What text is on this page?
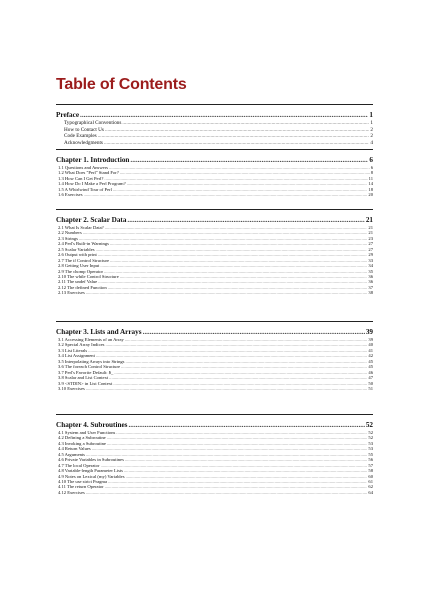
Table of Contents
Preface .....	1
Typographical Conventions .....	1
How to Contact Us .....	2
Code Examples .....	2
Acknowledgments .....	4
Chapter 1. Introduction .....	6
1.1 Questions and Answers .....	6
1.2 What Does "Perl" Stand For? .....	8
1.3 How Can I Get Perl? .....	11
1.4 How Do I Make a Perl Program? .....	14
1.5 A Whirlwind Tour of Perl .....	18
1.6 Exercises .....	20
Chapter 2. Scalar Data .....	21
2.1 What Is Scalar Data? .....	21
2.2 Numbers .....	21
2.3 Strings .....	23
2.4 Perl's Built-in Warnings .....	27
2.5 Scalar Variables .....	27
2.6 Output with print .....	29
2.7 The if Control Structure .....	33
2.8 Getting User Input .....	34
2.9 The chomp Operator .....	35
2.10 The while Control Structure .....	36
2.11 The undef Value .....	36
2.12 The defined Function .....	37
2.13 Exercises .....	38
Chapter 3. Lists and Arrays .....	39
3.1 Accessing Elements of an Array .....	39
3.2 Special Array Indices .....	40
3.3 List Literals .....	41
3.4 List Assignment .....	42
3.5 Interpolating Arrays into Strings .....	45
3.6 The foreach Control Structure .....	45
3.7 Perl's Favorite Default: $_ .....	46
3.8 Scalar and List Context .....	47
3.9 <STDIN> in List Context .....	50
3.10 Exercises .....	51
Chapter 4. Subroutines .....	52
4.1 System and User Functions .....	52
4.2 Defining a Subroutine .....	52
4.3 Invoking a Subroutine .....	53
4.4 Return Values .....	53
4.5 Arguments .....	55
4.6 Private Variables in Subroutines .....	56
4.7 The local Operator .....	57
4.8 Variable-length Parameter Lists .....	58
4.9 Notes on Lexical (my) Variables .....	60
4.10 The use strict Pragma .....	61
4.11 The return Operator .....	62
4.12 Exercises .....	64
